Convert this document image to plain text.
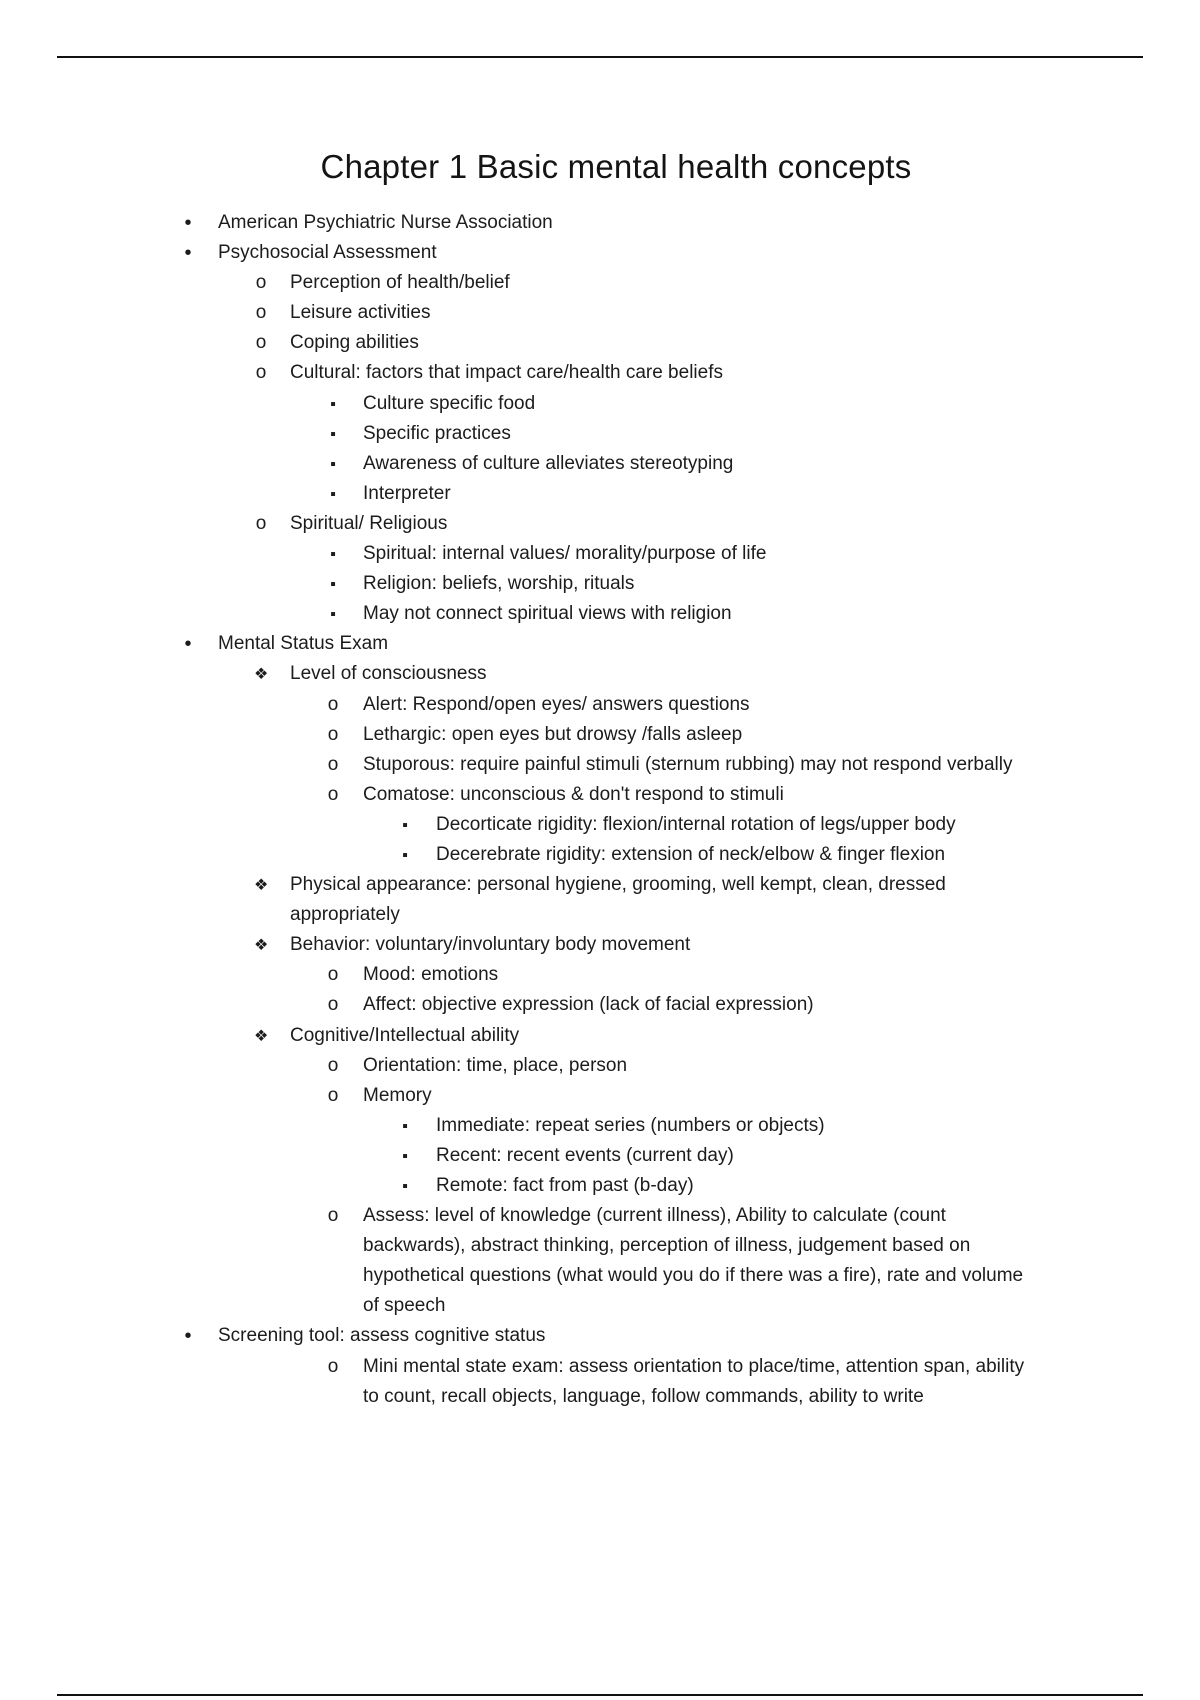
Chapter 1 Basic mental health concepts
•
American Psychiatric Nurse Association
•
Psychosocial Assessment
o
Perception of health/belief
o
Leisure activities
o
Coping abilities
o
Cultural: factors that impact care/health care beliefs
▪
Culture specific food
▪
Specific practices
▪
Awareness of culture alleviates stereotyping
▪
Interpreter
o
Spiritual/ Religious
▪
Spiritual: internal values/ morality/purpose of life
▪
Religion: beliefs, worship, rituals
▪
May not connect spiritual views with religion
•
Mental Status Exam
❖
Level of consciousness
o
Alert: Respond/open eyes/ answers questions
o
Lethargic: open eyes but drowsy /falls asleep
o
Stuporous: require painful stimuli (sternum rubbing) may not respond verbally
o
Comatose: unconscious & don't respond to stimuli
▪
Decorticate rigidity: flexion/internal rotation of legs/upper body
▪
Decerebrate rigidity: extension of neck/elbow & finger flexion
❖
Physical appearance: personal hygiene, grooming, well kempt, clean, dressed
appropriately
❖
Behavior: voluntary/involuntary body movement
o
Mood: emotions
o
Affect: objective expression (lack of facial expression)
❖
Cognitive/Intellectual ability
o
Orientation: time, place, person
o
Memory
▪
Immediate: repeat series (numbers or objects)
▪
Recent: recent events (current day)
▪
Remote: fact from past (b-day)
o
Assess: level of knowledge (current illness), Ability to calculate (count
backwards), abstract thinking, perception of illness, judgement based on
hypothetical questions (what would you do if there was a fire), rate and volume
of speech
•
Screening tool: assess cognitive status
o
Mini mental state exam: assess orientation to place/time, attention span, ability
to count, recall objects, language, follow commands, ability to write
